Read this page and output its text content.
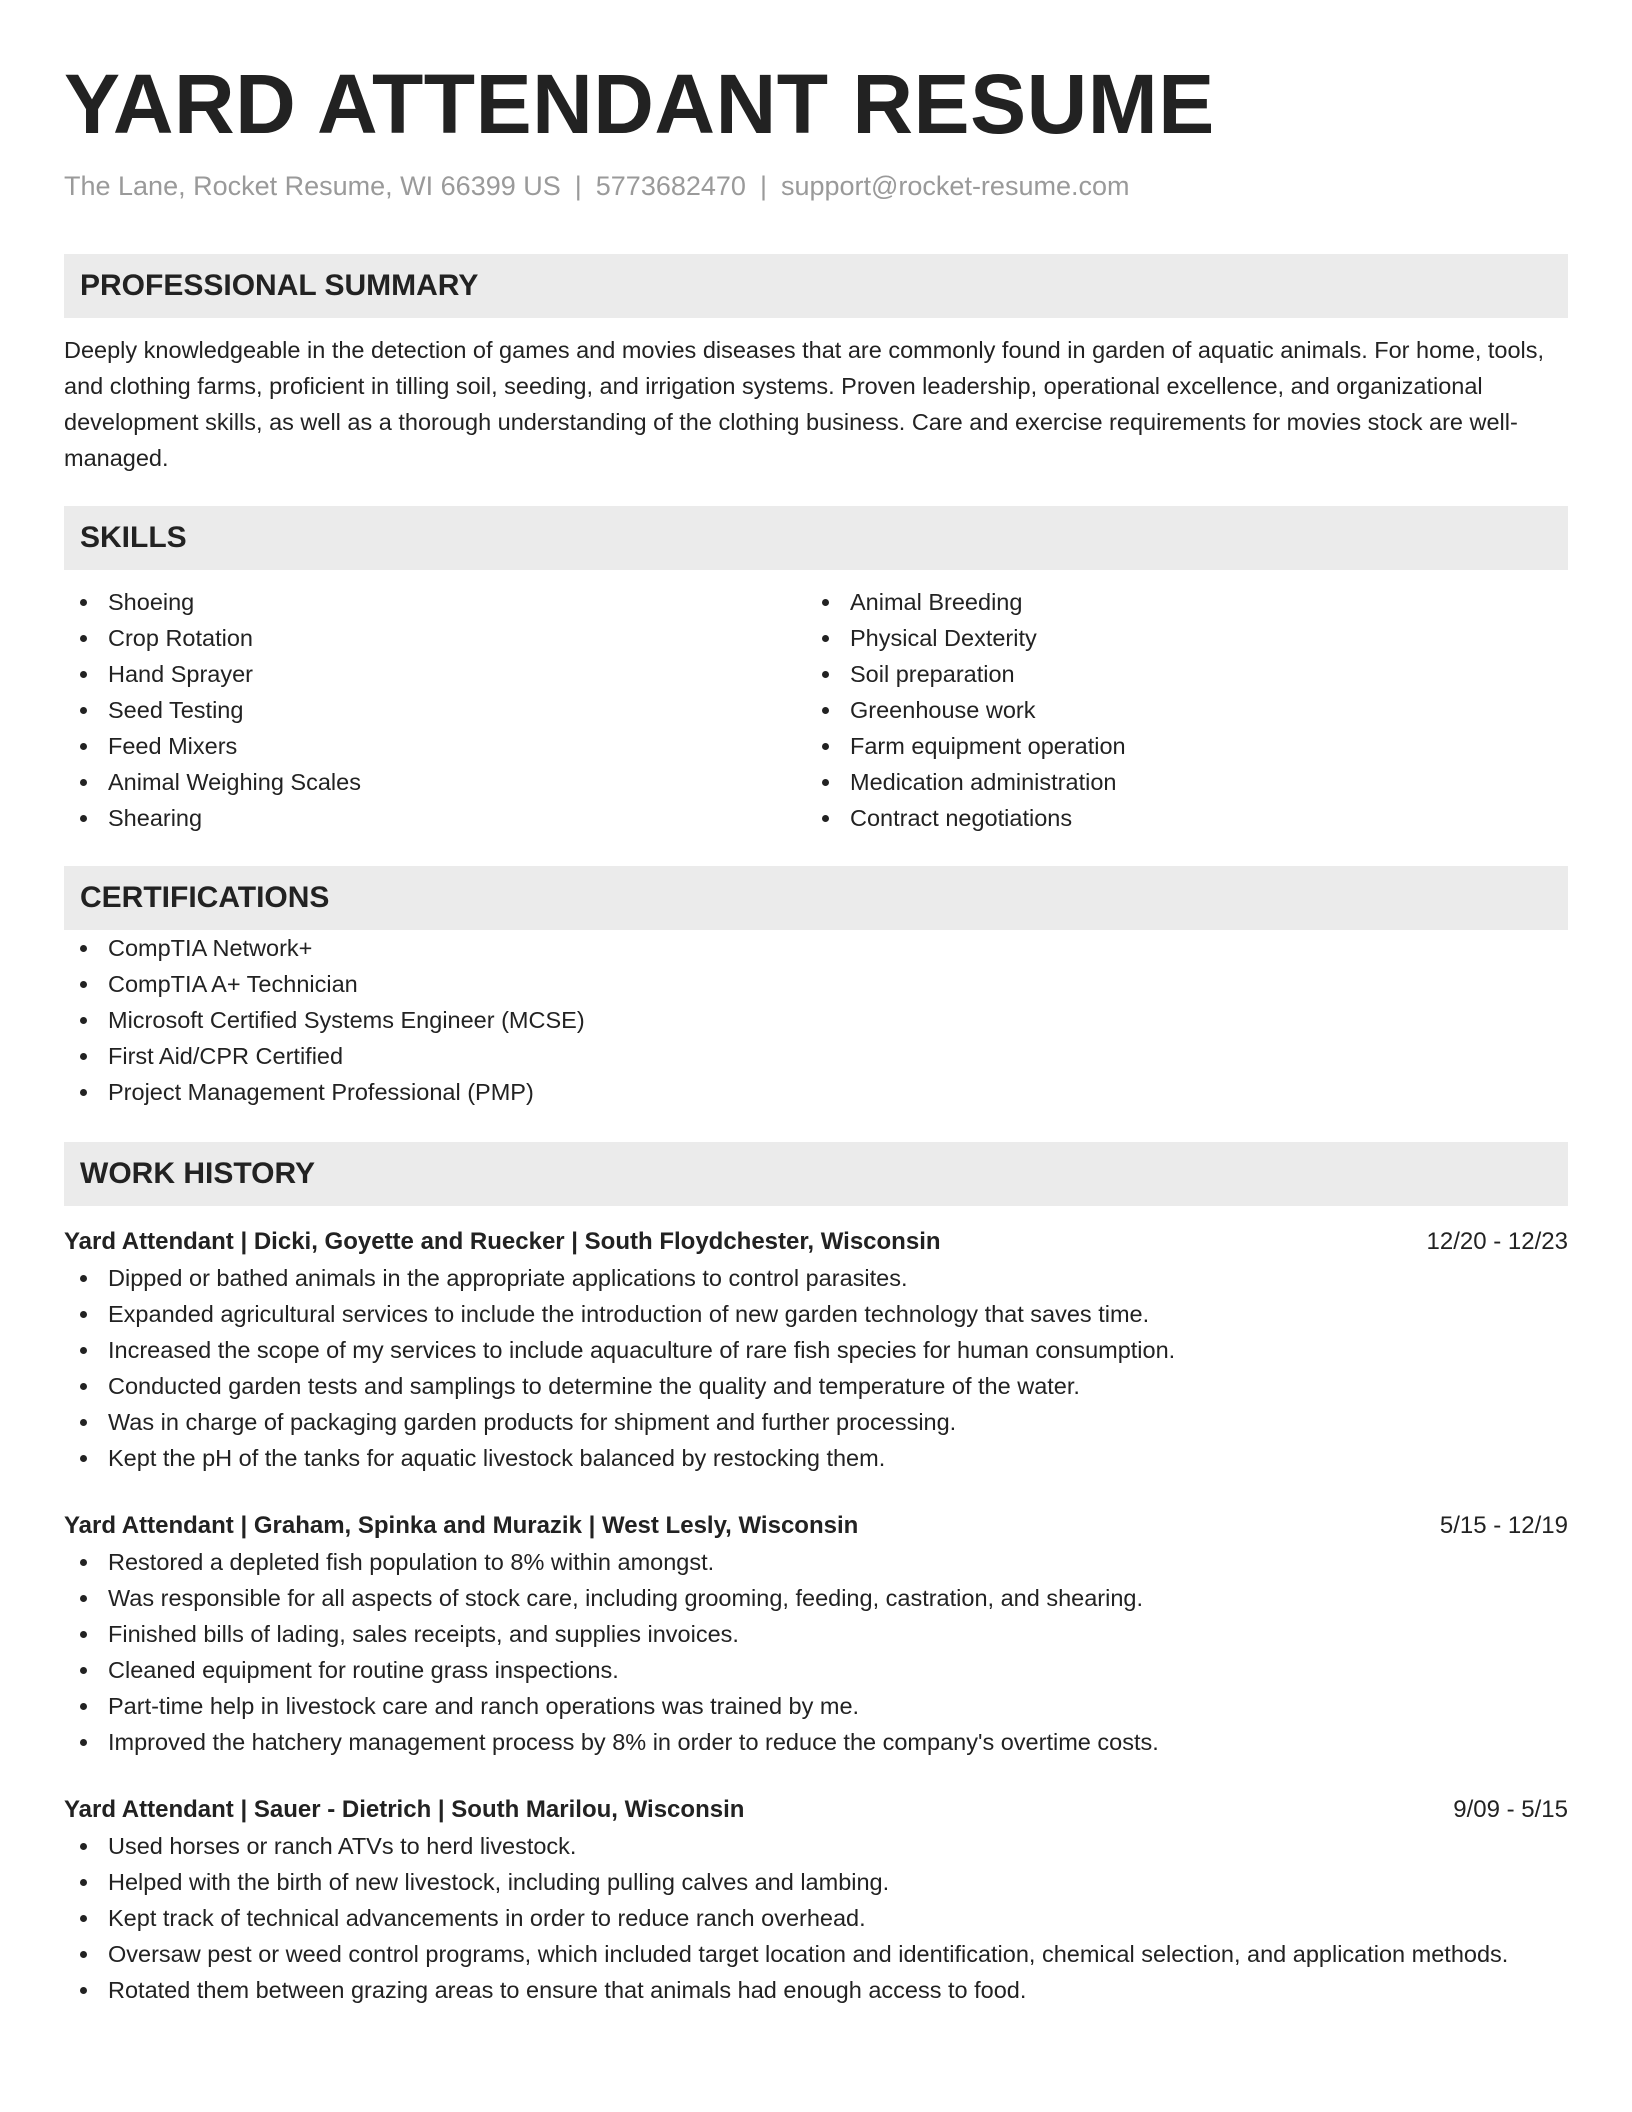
YARD ATTENDANT RESUME
The Lane, Rocket Resume, WI 66399 US | 5773682470 | support@rocket-resume.com
PROFESSIONAL SUMMARY

Deeply knowledgeable in the detection of games and movies diseases that are commonly found in garden of aquatic animals. For home, tools, and clothing farms, proficient in tilling soil, seeding, and irrigation systems. Proven leadership, operational excellence, and organizational development skills, as well as a thorough understanding of the clothing business. Care and exercise requirements for movies stock are well-managed.

SKILLS
Shoeing
Crop Rotation
Hand Sprayer
Seed Testing
Feed Mixers
Animal Weighing Scales
Shearing
Animal Breeding
Physical Dexterity
Soil preparation
Greenhouse work
Farm equipment operation
Medication administration
Contract negotiations
CERTIFICATIONS
CompTIA Network+
CompTIA A+ Technician
Microsoft Certified Systems Engineer (MCSE)
First Aid/CPR Certified
Project Management Professional (PMP)
WORK HISTORY
Yard Attendant | Dicki, Goyette and Ruecker | South Floydchester, Wisconsin	12/20 - 12/23
Dipped or bathed animals in the appropriate applications to control parasites.
Expanded agricultural services to include the introduction of new garden technology that saves time.
Increased the scope of my services to include aquaculture of rare fish species for human consumption.
Conducted garden tests and samplings to determine the quality and temperature of the water.
Was in charge of packaging garden products for shipment and further processing.
Kept the pH of the tanks for aquatic livestock balanced by restocking them.
Yard Attendant | Graham, Spinka and Murazik | West Lesly, Wisconsin	5/15 - 12/19
Restored a depleted fish population to 8% within amongst.
Was responsible for all aspects of stock care, including grooming, feeding, castration, and shearing.
Finished bills of lading, sales receipts, and supplies invoices.
Cleaned equipment for routine grass inspections.
Part-time help in livestock care and ranch operations was trained by me.
Improved the hatchery management process by 8% in order to reduce the company's overtime costs.
Yard Attendant | Sauer - Dietrich | South Marilou, Wisconsin	9/09 - 5/15
Used horses or ranch ATVs to herd livestock.
Helped with the birth of new livestock, including pulling calves and lambing.
Kept track of technical advancements in order to reduce ranch overhead.
Oversaw pest or weed control programs, which included target location and identification, chemical selection, and application methods.
Rotated them between grazing areas to ensure that animals had enough access to food.
